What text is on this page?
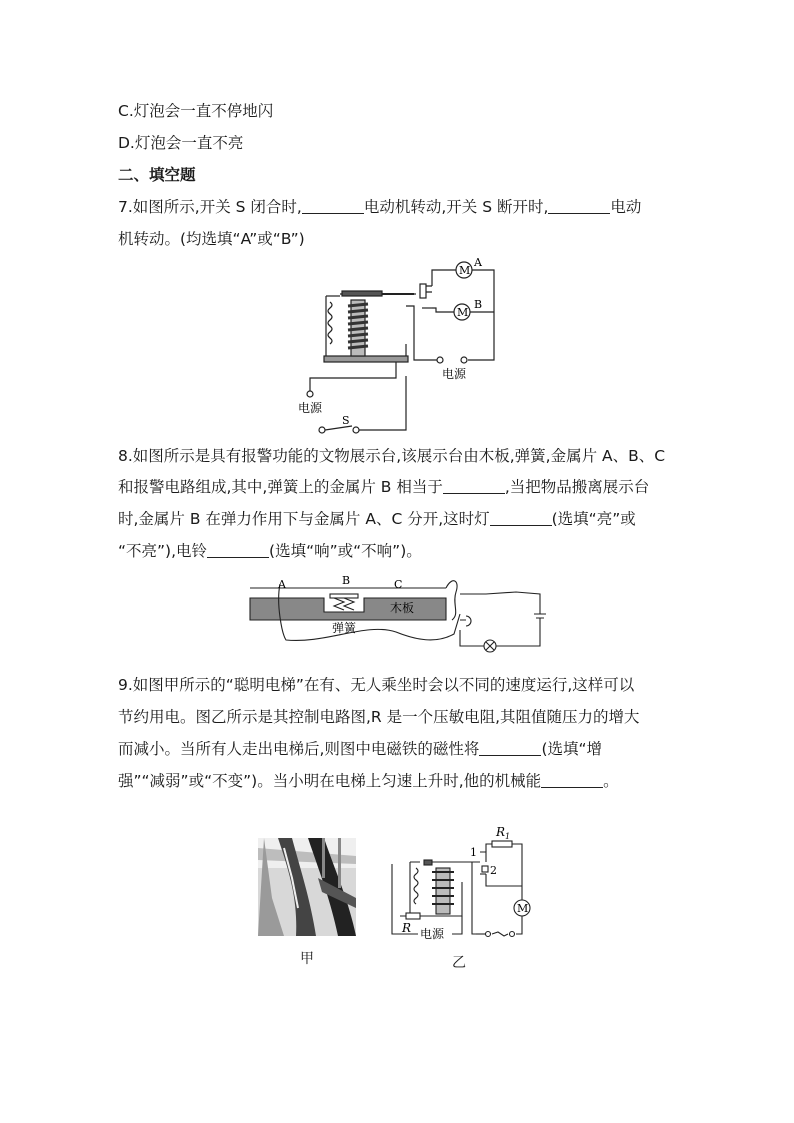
C.灯泡会一直不停地闪
D.灯泡会一直不亮
二、填空题
7.如图所示,开关 S 闭合时,	电动机转动,开关 S 断开时,	电动
机转动。(均选填“A”或“B”)
A
B
M
M
电源
电源
S
8.如图所示是具有报警功能的文物展示台,该展示台由木板,弹簧,金属片 A、B、C
和报警电路组成,其中,弹簧上的金属片 B 相当于	,当把物品搬离展示台
时,金属片 B 在弹力作用下与金属片 A、C 分开,这时灯	(选填“亮”或
“不亮”),电铃	(选填“响”或“不响”)。
A	B	C
木板
弹簧
9.如图甲所示的“聪明电梯”在有、无人乘坐时会以不同的速度运行,这样可以
节约用电。图乙所示是其控制电路图,R 是一个压敏电阻,其阻值随压力的增大
而减小。当所有人走出电梯后,则图中电磁铁的磁性将	(选填“增
强”“减弱”或“不变”)。当小明在电梯上匀速上升时,他的机械能	。
甲
$R_1$
1
2
R 电源
M
乙
